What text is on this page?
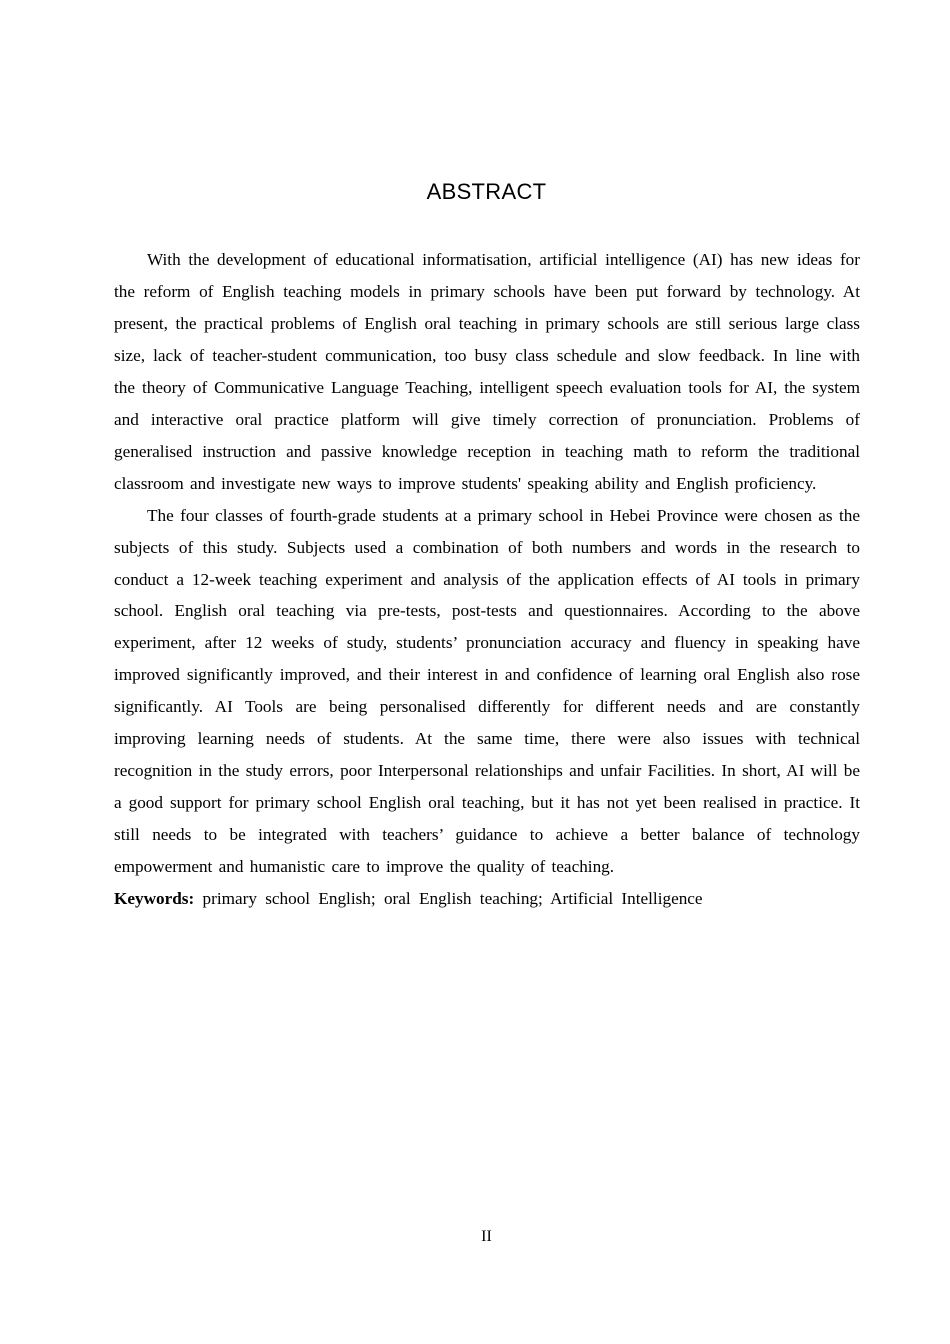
ABSTRACT

With the development of educational informatisation, artificial intelligence (AI) has new ideas for the reform of English teaching models in primary schools have been put forward by technology. At present, the practical problems of English oral teaching in primary schools are still serious large class size, lack of teacher-student communication, too busy class schedule and slow feedback. In line with the theory of Communicative Language Teaching, intelligent speech evaluation tools for AI, the system and interactive oral practice platform will give timely correction of pronunciation. Problems of generalised instruction and passive knowledge reception in teaching math to reform the traditional classroom and investigate new ways to improve students' speaking ability and English proficiency.

The four classes of fourth-grade students at a primary school in Hebei Province were chosen as the subjects of this study. Subjects used a combination of both numbers and words in the research to conduct a 12-week teaching experiment and analysis of the application effects of AI tools in primary school. English oral teaching via pre-tests, post-tests and questionnaires. According to the above experiment, after 12 weeks of study, students’ pronunciation accuracy and fluency in speaking have improved significantly improved, and their interest in and confidence of learning oral English also rose significantly. AI Tools are being personalised differently for different needs and are constantly improving learning needs of students. At the same time, there were also issues with technical recognition in the study errors, poor Interpersonal relationships and unfair Facilities. In short, AI will be a good support for primary school English oral teaching, but it has not yet been realised in practice. It still needs to be integrated with teachers’ guidance to achieve a better balance of technology empowerment and humanistic care to improve the quality of teaching.

Keywords: primary school English; oral English teaching; Artificial Intelligence

II
